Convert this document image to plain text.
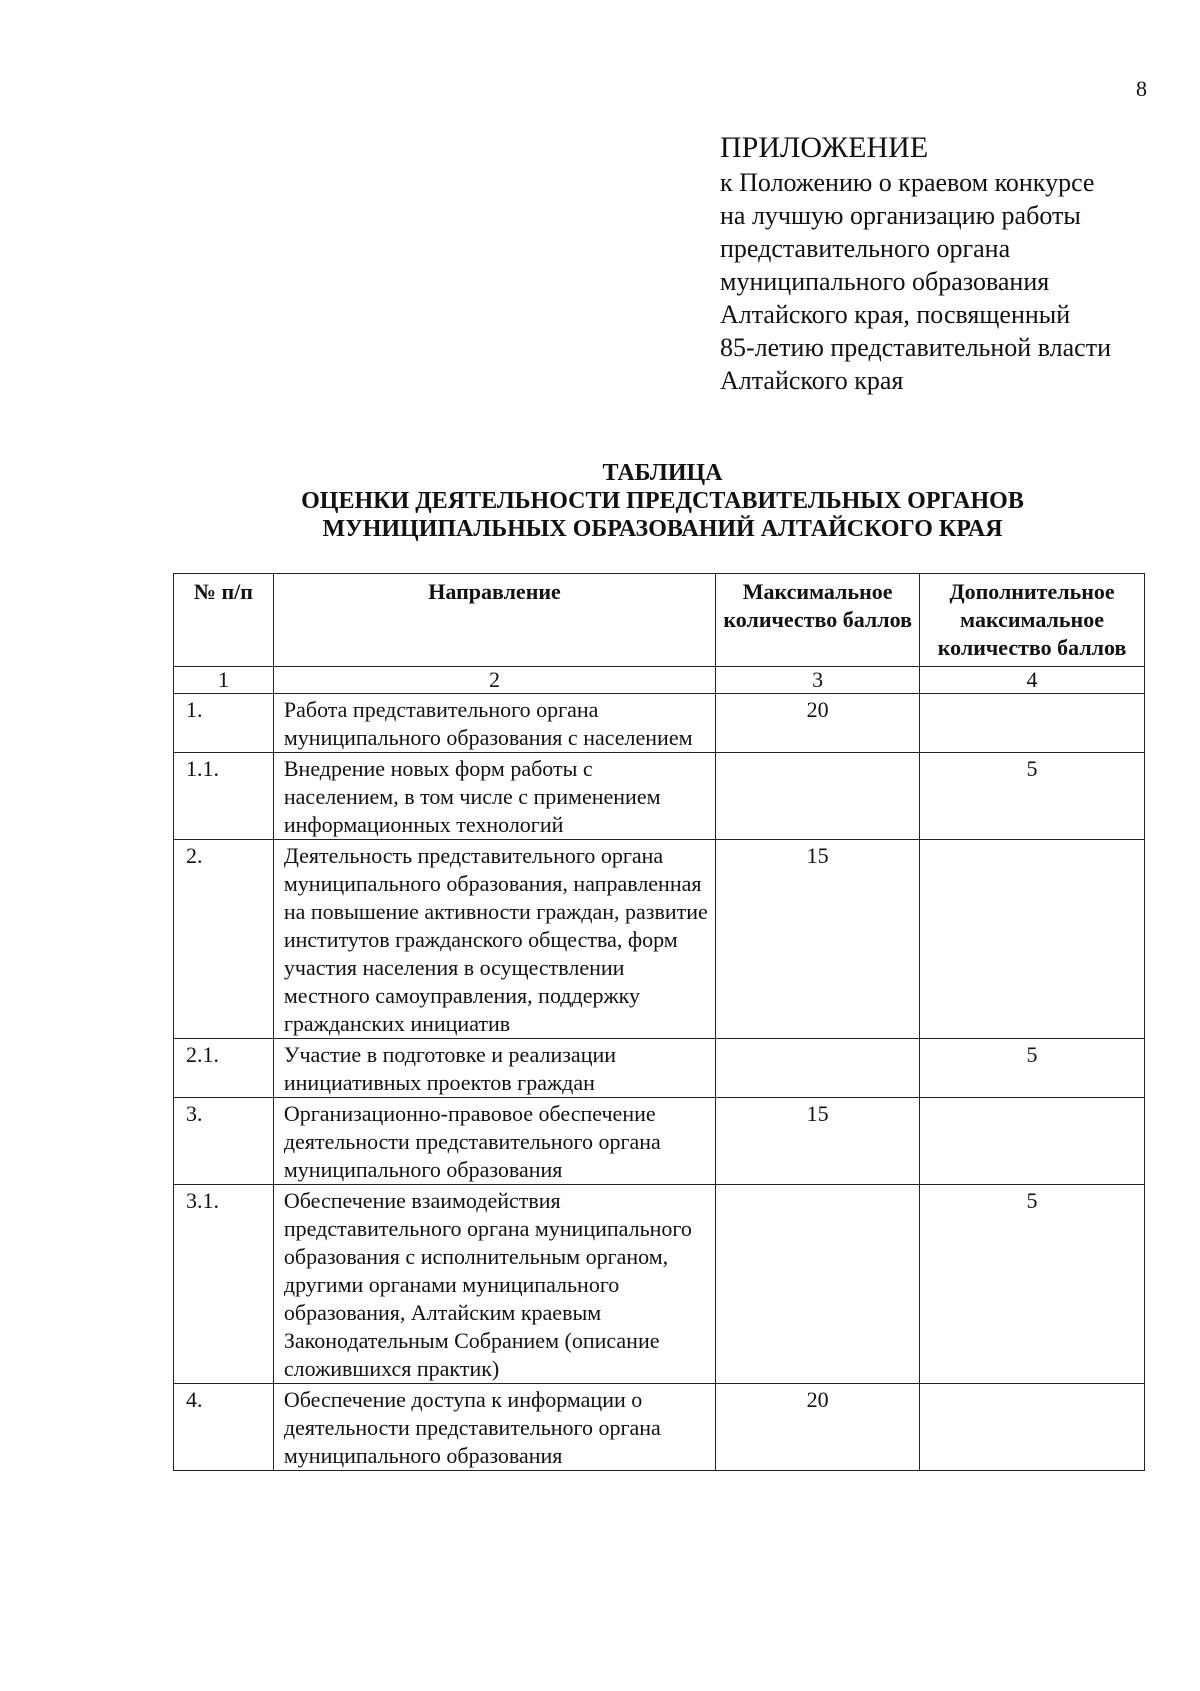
8

ПРИЛОЖЕНИЕ

к Положению о краевом конкурсе
на лучшую организацию работы
представительного органа
муниципального образования
Алтайского края, посвященный
85-летию представительной власти
Алтайского края
ТАБЛИЦА
ОЦЕНКИ ДЕЯТЕЛЬНОСТИ ПРЕДСТАВИТЕЛЬНЫХ ОРГАНОВ
МУНИЦИПАЛЬНЫХ ОБРАЗОВАНИЙ АЛТАЙСКОГО КРАЯ
№ п/п	Направление	Максимальное количество баллов	Дополнительное максимальное количество баллов
1	2	3	4
1.	Работа представительного органа муниципального образования с населением	20	
1.1.	Внедрение новых форм работы с населением, в том числе с применением информационных технологий		5
2.	Деятельность представительного органа муниципального образования, направленная на повышение активности граждан, развитие институтов гражданского общества, форм участия населения в осуществлении местного самоуправления, поддержку гражданских инициатив	15	
2.1.	Участие в подготовке и реализации инициативных проектов граждан		5
3.	Организационно-правовое обеспечение деятельности представительного органа муниципального образования	15	
3.1.	Обеспечение взаимодействия представительного органа муниципального образования с исполнительным органом, другими органами муниципального образования, Алтайским краевым Законодательным Собранием (описание сложившихся практик)		5
4.	Обеспечение доступа к информации о деятельности представительного органа муниципального образования	20	
